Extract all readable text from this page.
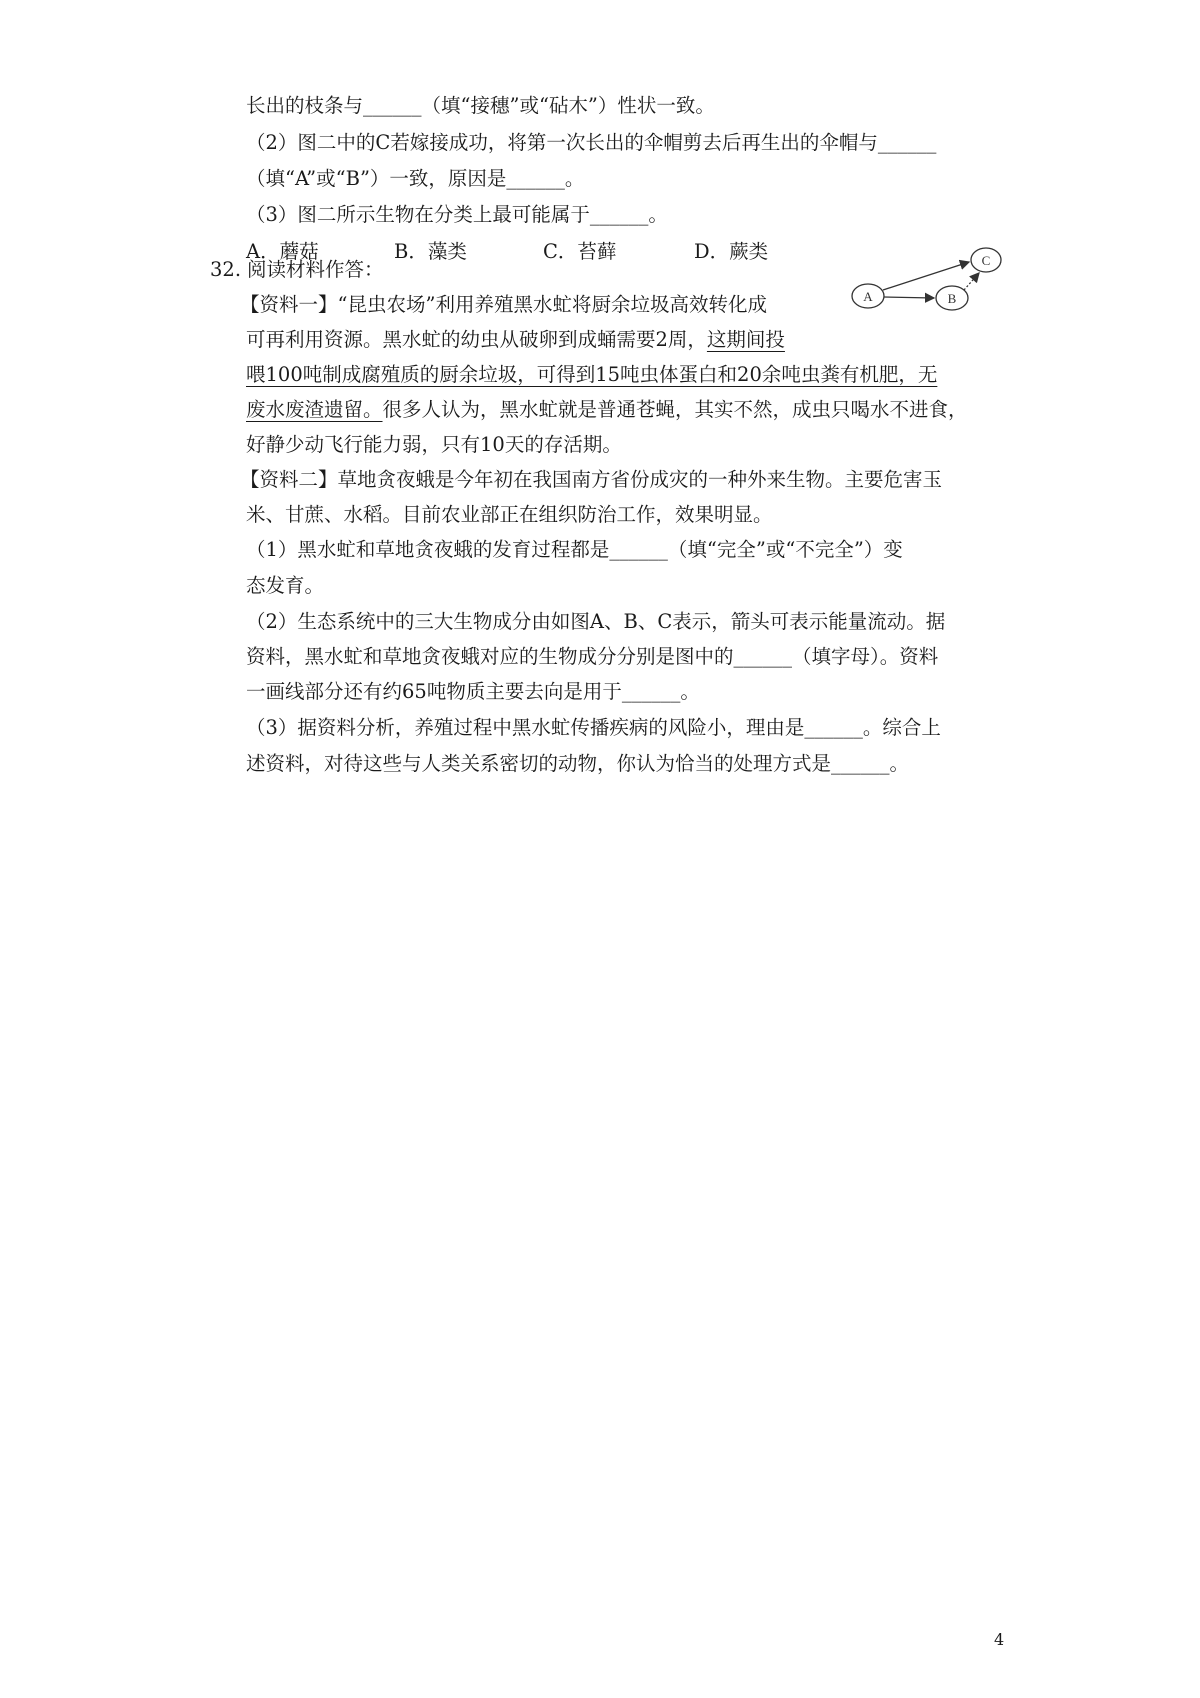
长出的枝条与______（填“接穗”或“砧木”）性状一致。
（2）图二中的C若嫁接成功，将第一次长出的伞帽剪去后再生出的伞帽与______
（填“A”或“B”）一致，原因是______。
（3）图二所示生物在分类上最可能属于______。
A．蘑菇	B．藻类	C．苔藓	D．蕨类
32. 阅读材料作答：
【资料一】“昆虫农场”利用养殖黑水虻将厨余垃圾高效转化成
可再利用资源。黑水虻的幼虫从破卵到成蛹需要2周，这期间投
喂100吨制成腐殖质的厨余垃圾，可得到15吨虫体蛋白和20余吨虫粪有机肥，无
废水废渣遗留。很多人认为，黑水虻就是普通苍蝇，其实不然，成虫只喝水不进食，
好静少动飞行能力弱，只有10天的存活期。
【资料二】草地贪夜蛾是今年初在我国南方省份成灾的一种外来生物。主要危害玉
米、甘蔗、水稻。目前农业部正在组织防治工作，效果明显。
（1）黑水虻和草地贪夜蛾的发育过程都是______（填“完全”或“不完全”）变
态发育。
（2）生态系统中的三大生物成分由如图A、B、C表示，箭头可表示能量流动。据
资料，黑水虻和草地贪夜蛾对应的生物成分分别是图中的______（填字母）。资料
一画线部分还有约65吨物质主要去向是用于______。
（3）据资料分析，养殖过程中黑水虻传播疾病的风险小，理由是______。综合上
述资料，对待这些与人类关系密切的动物，你认为恰当的处理方式是______。
A	B
C
4
